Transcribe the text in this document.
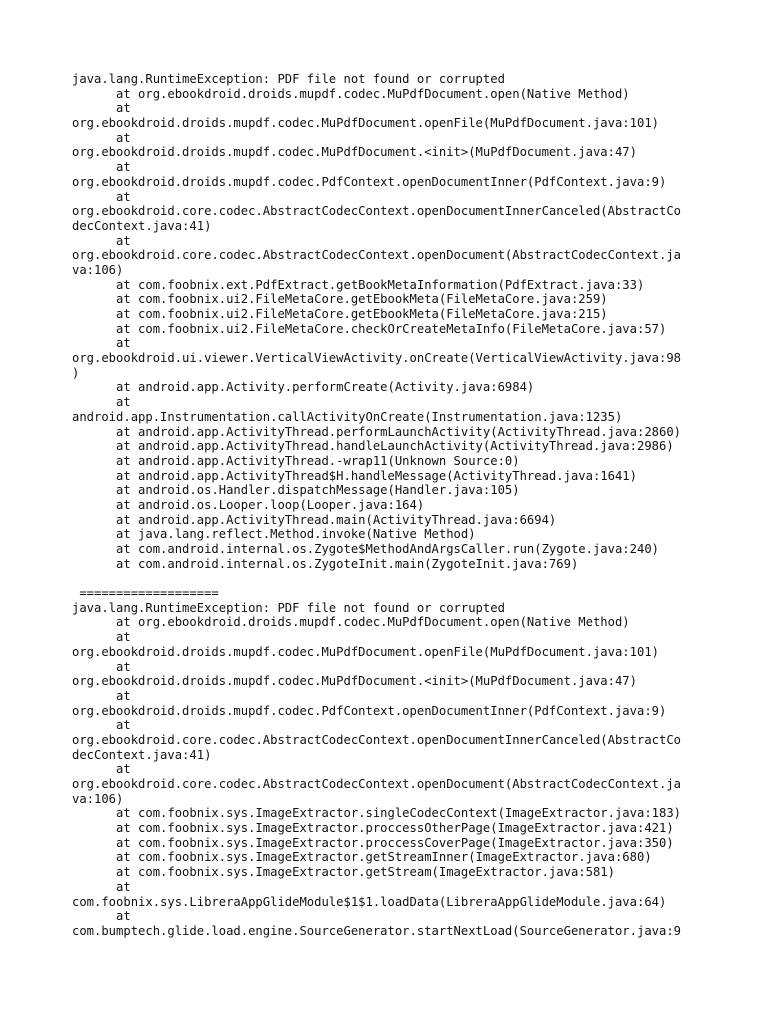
java.lang.RuntimeException: PDF file not found or corrupted
at org.ebookdroid.droids.mupdf.codec.MuPdfDocument.open(Native Method)
at
org.ebookdroid.droids.mupdf.codec.MuPdfDocument.openFile(MuPdfDocument.java:101)
at
org.ebookdroid.droids.mupdf.codec.MuPdfDocument.<init>(MuPdfDocument.java:47)
at
org.ebookdroid.droids.mupdf.codec.PdfContext.openDocumentInner(PdfContext.java:9)
at
org.ebookdroid.core.codec.AbstractCodecContext.openDocumentInnerCanceled(AbstractCo
decContext.java:41)
at
org.ebookdroid.core.codec.AbstractCodecContext.openDocument(AbstractCodecContext.ja
va:106)
at com.foobnix.ext.PdfExtract.getBookMetaInformation(PdfExtract.java:33)
at com.foobnix.ui2.FileMetaCore.getEbookMeta(FileMetaCore.java:259)
at com.foobnix.ui2.FileMetaCore.getEbookMeta(FileMetaCore.java:215)
at com.foobnix.ui2.FileMetaCore.checkOrCreateMetaInfo(FileMetaCore.java:57)
at
org.ebookdroid.ui.viewer.VerticalViewActivity.onCreate(VerticalViewActivity.java:98
)
at android.app.Activity.performCreate(Activity.java:6984)
at
android.app.Instrumentation.callActivityOnCreate(Instrumentation.java:1235)
at android.app.ActivityThread.performLaunchActivity(ActivityThread.java:2860)
at android.app.ActivityThread.handleLaunchActivity(ActivityThread.java:2986)
at android.app.ActivityThread.-wrap11(Unknown Source:0)
at android.app.ActivityThread$H.handleMessage(ActivityThread.java:1641)
at android.os.Handler.dispatchMessage(Handler.java:105)
at android.os.Looper.loop(Looper.java:164)
at android.app.ActivityThread.main(ActivityThread.java:6694)
at java.lang.reflect.Method.invoke(Native Method)
at com.android.internal.os.Zygote$MethodAndArgsCaller.run(Zygote.java:240)
at com.android.internal.os.ZygoteInit.main(ZygoteInit.java:769)
===================
java.lang.RuntimeException: PDF file not found or corrupted
at org.ebookdroid.droids.mupdf.codec.MuPdfDocument.open(Native Method)
at
org.ebookdroid.droids.mupdf.codec.MuPdfDocument.openFile(MuPdfDocument.java:101)
at
org.ebookdroid.droids.mupdf.codec.MuPdfDocument.<init>(MuPdfDocument.java:47)
at
org.ebookdroid.droids.mupdf.codec.PdfContext.openDocumentInner(PdfContext.java:9)
at
org.ebookdroid.core.codec.AbstractCodecContext.openDocumentInnerCanceled(AbstractCo
decContext.java:41)
at
org.ebookdroid.core.codec.AbstractCodecContext.openDocument(AbstractCodecContext.ja
va:106)
at com.foobnix.sys.ImageExtractor.singleCodecContext(ImageExtractor.java:183)
at com.foobnix.sys.ImageExtractor.proccessOtherPage(ImageExtractor.java:421)
at com.foobnix.sys.ImageExtractor.proccessCoverPage(ImageExtractor.java:350)
at com.foobnix.sys.ImageExtractor.getStreamInner(ImageExtractor.java:680)
at com.foobnix.sys.ImageExtractor.getStream(ImageExtractor.java:581)
at
com.foobnix.sys.LibreraAppGlideModule$1$1.loadData(LibreraAppGlideModule.java:64)
at
com.bumptech.glide.load.engine.SourceGenerator.startNextLoad(SourceGenerator.java:9
